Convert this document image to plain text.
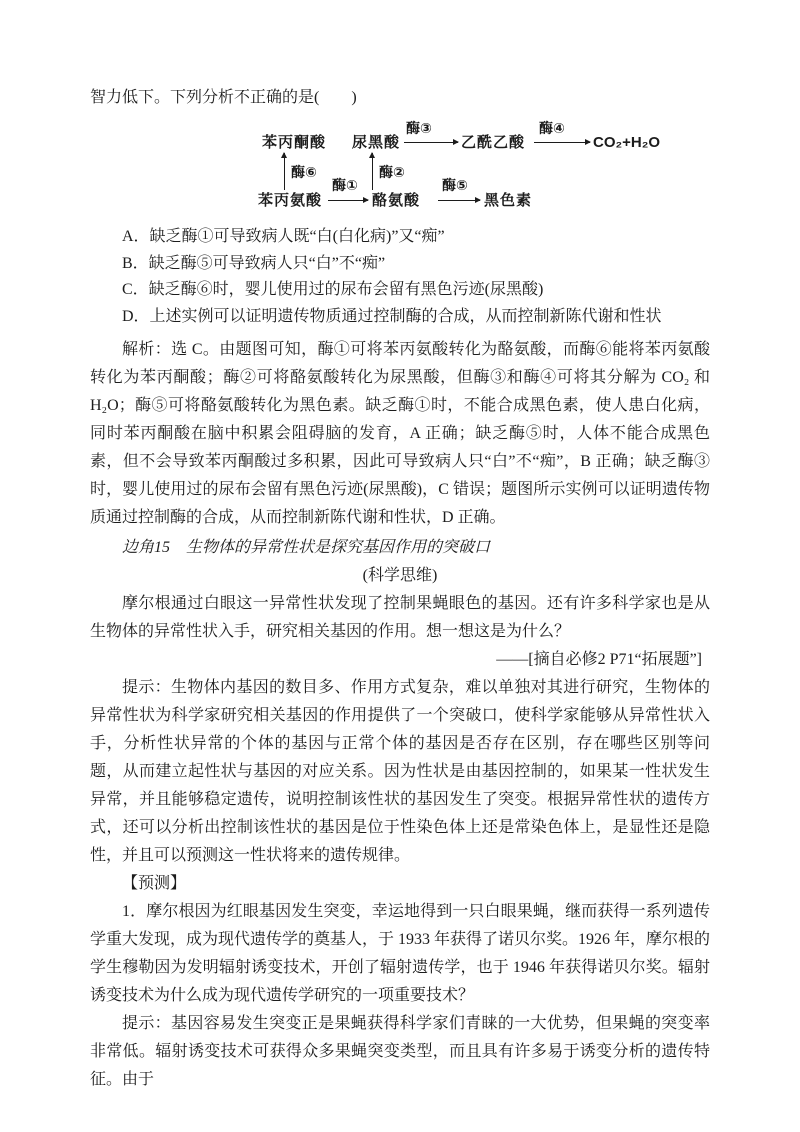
智力低下。下列分析不正确的是(　　)

苯丙酮酸 尿黑酸
酶③
乙酰乙酸
酶④
CO₂+H₂O
酶⑥	酶②
苯丙氨酸
酶①
酪氨酸
酶⑤
黑色素

A．缺乏酶①可导致病人既“白(白化病)”又“痴”

B．缺乏酶⑤可导致病人只“白”不“痴”

C．缺乏酶⑥时，婴儿使用过的尿布会留有黑色污迹(尿黑酸)

D．上述实例可以证明遗传物质通过控制酶的合成，从而控制新陈代谢和性状

解析：选 C。由题图可知，酶①可将苯丙氨酸转化为酪氨酸，而酶⑥能将苯丙氨酸转化为苯丙酮酸；酶②可将酪氨酸转化为尿黑酸，但酶③和酶④可将其分解为 CO₂ 和 H₂O；酶⑤可将酪氨酸转化为黑色素。缺乏酶①时，不能合成黑色素，使人患白化病，同时苯丙酮酸在脑中积累会阻碍脑的发育，A 正确；缺乏酶⑤时，人体不能合成黑色素，但不会导致苯丙酮酸过多积累，因此可导致病人只“白”不“痴”，B 正确；缺乏酶③时，婴儿使用过的尿布会留有黑色污迹(尿黑酸)，C 错误；题图所示实例可以证明遗传物质通过控制酶的合成，从而控制新陈代谢和性状，D 正确。

边角15　生物体的异常性状是探究基因作用的突破口

(科学思维)

摩尔根通过白眼这一异常性状发现了控制果蝇眼色的基因。还有许多科学家也是从生物体的异常性状入手，研究相关基因的作用。想一想这是为什么？

——[摘自必修2 P71“拓展题”]

提示：生物体内基因的数目多、作用方式复杂，难以单独对其进行研究，生物体的异常性状为科学家研究相关基因的作用提供了一个突破口，使科学家能够从异常性状入手，分析性状异常的个体的基因与正常个体的基因是否存在区别，存在哪些区别等问题，从而建立起性状与基因的对应关系。因为性状是由基因控制的，如果某一性状发生异常，并且能够稳定遗传，说明控制该性状的基因发生了突变。根据异常性状的遗传方式，还可以分析出控制该性状的基因是位于性染色体上还是常染色体上，是显性还是隐性，并且可以预测这一性状将来的遗传规律。

【预测】

1．摩尔根因为红眼基因发生突变，幸运地得到一只白眼果蝇，继而获得一系列遗传学重大发现，成为现代遗传学的奠基人，于 1933 年获得了诺贝尔奖。1926 年，摩尔根的学生穆勒因为发明辐射诱变技术，开创了辐射遗传学，也于 1946 年获得诺贝尔奖。辐射诱变技术为什么成为现代遗传学研究的一项重要技术？

提示：基因容易发生突变正是果蝇获得科学家们青睐的一大优势，但果蝇的突变率非常低。辐射诱变技术可获得众多果蝇突变类型，而且具有许多易于诱变分析的遗传特征。由于
